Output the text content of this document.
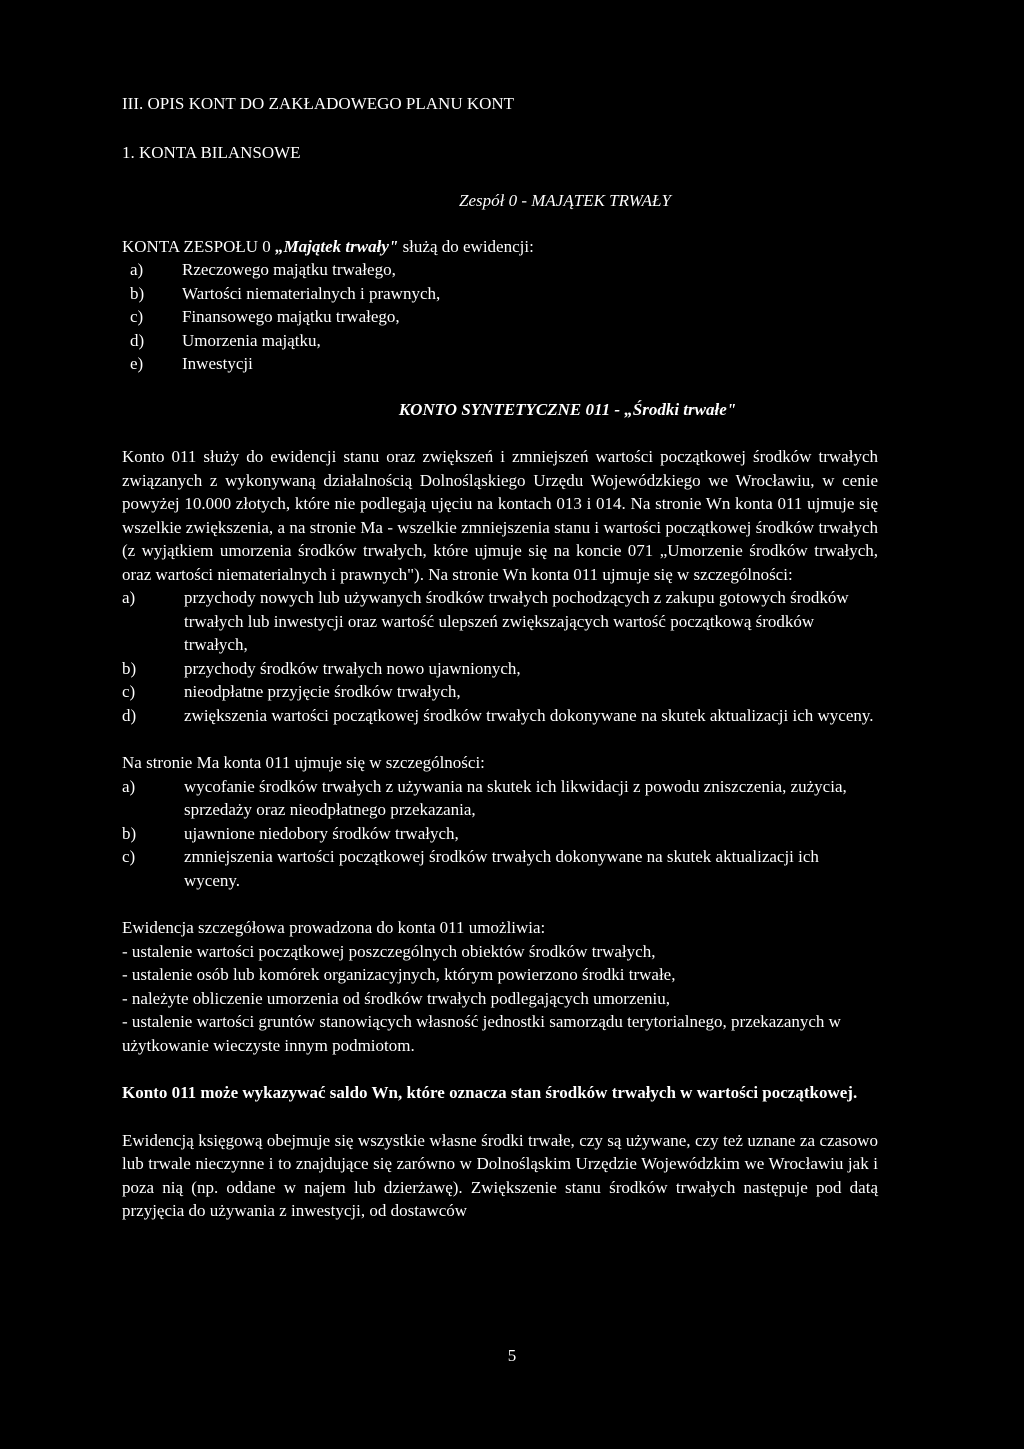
III. OPIS KONT DO ZAKŁADOWEGO PLANU KONT

1. KONTA BILANSOWE

Zespół 0 - MAJĄTEK TRWAŁY

KONTA ZESPOŁU 0 „Majątek trwały" służą do ewidencji:

a)	Rzeczowego majątku trwałego,
b)	Wartości niematerialnych i prawnych,
c)	Finansowego majątku trwałego,
d)	Umorzenia majątku,
e)	Inwestycji

KONTO SYNTETYCZNE 011 - „Środki trwałe"

Konto 011 służy do ewidencji stanu oraz zwiększeń i zmniejszeń wartości początkowej środków trwałych związanych z wykonywaną działalnością Dolnośląskiego Urzędu Wojewódzkiego we Wrocławiu, w cenie powyżej 10.000 złotych, które nie podlegają ujęciu na kontach 013 i 014. Na stronie Wn konta 011 ujmuje się wszelkie zwiększenia, a na stronie Ma - wszelkie zmniejszenia stanu i wartości początkowej środków trwałych (z wyjątkiem umorzenia środków trwałych, które ujmuje się na koncie 071 „Umorzenie środków trwałych, oraz wartości niematerialnych i prawnych"). Na stronie Wn konta 011 ujmuje się w szczególności:

a)	przychody nowych lub używanych środków trwałych pochodzących z zakupu gotowych środków trwałych lub inwestycji oraz wartość ulepszeń zwiększających wartość początkową środków trwałych,
b)	przychody środków trwałych nowo ujawnionych,
c)	nieodpłatne przyjęcie środków trwałych,
d)	zwiększenia wartości początkowej środków trwałych dokonywane na skutek aktualizacji ich wyceny.

Na stronie Ma konta 011 ujmuje się w szczególności:

a)	wycofanie środków trwałych z używania na skutek ich likwidacji z powodu zniszczenia, zużycia, sprzedaży oraz nieodpłatnego przekazania,
b)	ujawnione niedobory środków trwałych,
c)	zmniejszenia wartości początkowej środków trwałych dokonywane na skutek aktualizacji ich wyceny.

Ewidencja szczegółowa prowadzona do konta 011 umożliwia:

- ustalenie wartości początkowej poszczególnych obiektów środków trwałych,
- ustalenie osób lub komórek organizacyjnych, którym powierzono środki trwałe,
- należyte obliczenie umorzenia od środków trwałych podlegających umorzeniu,
- ustalenie wartości gruntów stanowiących własność jednostki samorządu terytorialnego, przekazanych w użytkowanie wieczyste innym podmiotom.

Konto 011 może wykazywać saldo Wn, które oznacza stan środków trwałych w wartości początkowej.

Ewidencją księgową obejmuje się wszystkie własne środki trwałe, czy są używane, czy też uznane za czasowo lub trwale nieczynne i to znajdujące się zarówno w Dolnośląskim Urzędzie Wojewódzkim we Wrocławiu jak i poza nią (np. oddane w najem lub dzierżawę). Zwiększenie stanu środków trwałych następuje pod datą przyjęcia do używania z inwestycji, od dostawców

5
